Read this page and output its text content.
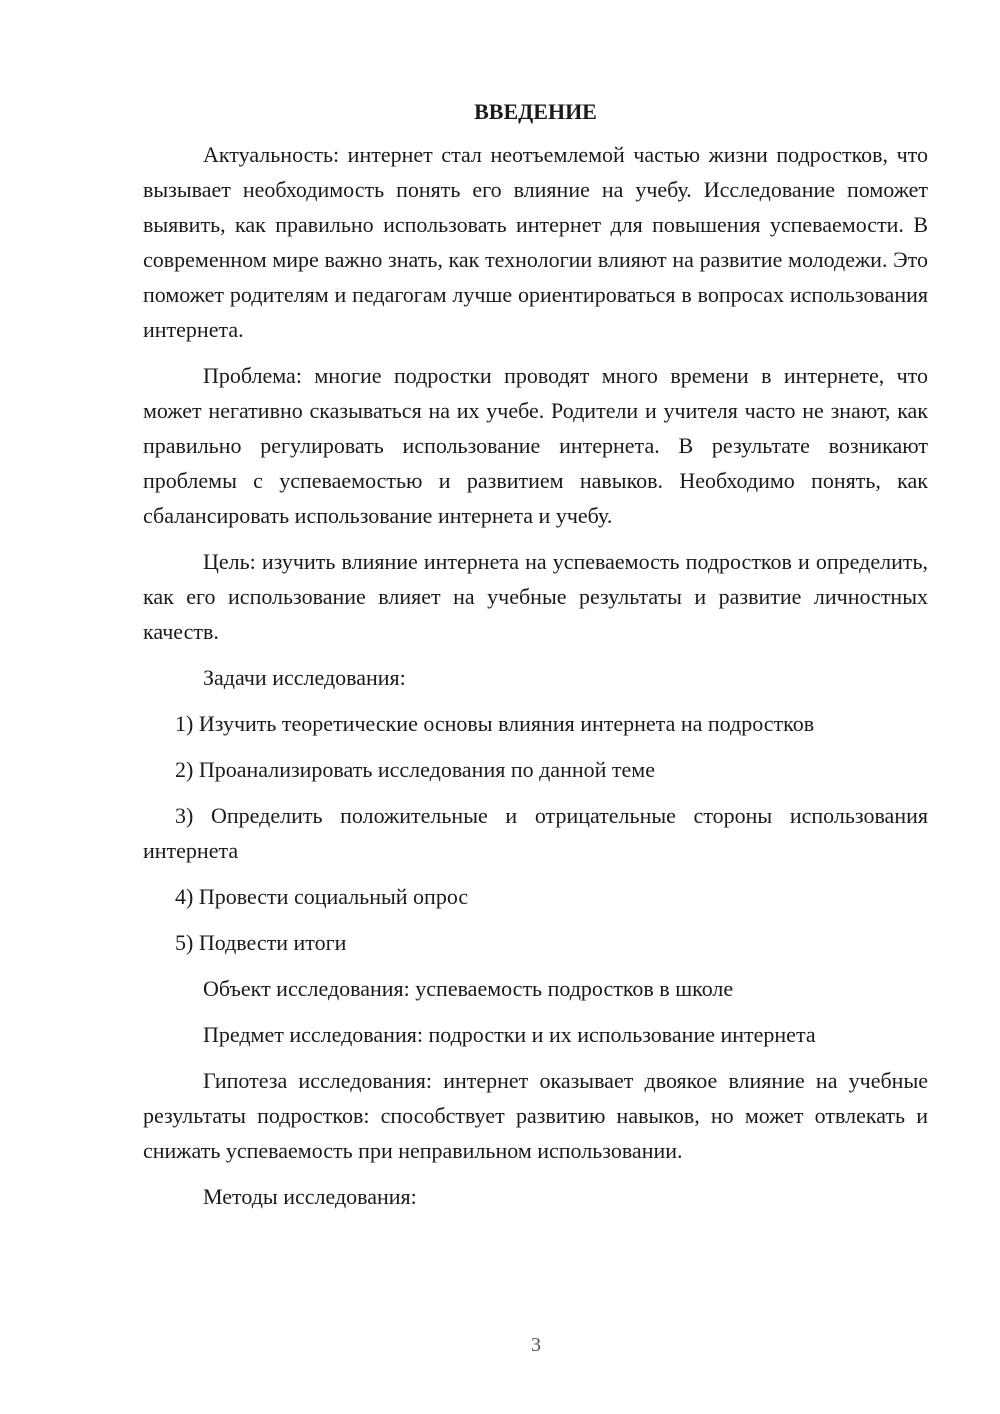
ВВЕДЕНИЕ
Актуальность: интернет стал неотъемлемой частью жизни подростков, что вызывает необходимость понять его влияние на учебу. Исследование поможет выявить, как правильно использовать интернет для повышения успеваемости. В современном мире важно знать, как технологии влияют на развитие молодежи. Это поможет родителям и педагогам лучше ориентироваться в вопросах использования интернета.
Проблема: многие подростки проводят много времени в интернете, что может негативно сказываться на их учебе. Родители и учителя часто не знают, как правильно регулировать использование интернета. В результате возникают проблемы с успеваемостью и развитием навыков. Необходимо понять, как сбалансировать использование интернета и учебу.
Цель: изучить влияние интернета на успеваемость подростков и определить, как его использование влияет на учебные результаты и развитие личностных качеств.
Задачи исследования:
1) Изучить теоретические основы влияния интернета на подростков
2) Проанализировать исследования по данной теме
3) Определить положительные и отрицательные стороны использования интернета
4) Провести социальный опрос
5) Подвести итоги
Объект исследования: успеваемость подростков в школе
Предмет исследования: подростки и их использование интернета
Гипотеза исследования: интернет оказывает двоякое влияние на учебные результаты подростков: способствует развитию навыков, но может отвлекать и снижать успеваемость при неправильном использовании.
Методы исследования:
3
